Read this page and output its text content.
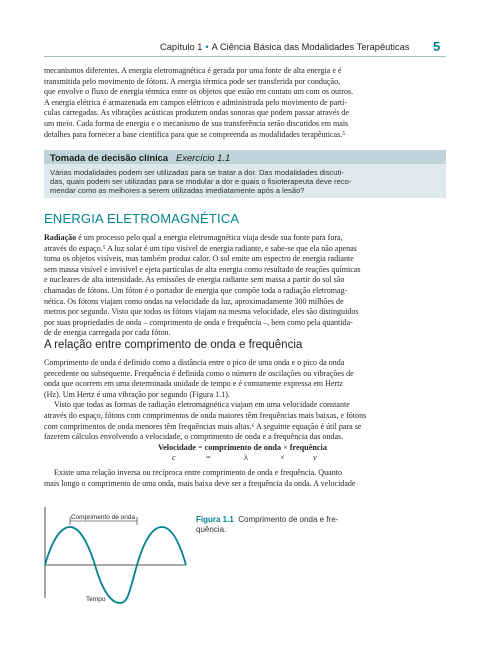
Capítulo 1 • A Ciência Básica das Modalidades Terapêuticas 5
mecanismos diferentes. A energia eletromagnética é gerada por uma fonte de alta energia e é
transmitida pelo movimento de fótons. A energia térmica pode ser transferida por condução,
que envolve o fluxo de energia térmica entre os objetos que estão em contato um com os outros.
A energia elétrica é armazenada em campos elétricos e administrada pelo movimento de partí-
culas carregadas. As vibrações acústicas produzem ondas sonoras que podem passar através de
um meio. Cada forma de energia e o mecanismo de sua transferência serão discutidos em mais
detalhes para fornecer a base científica para que se compreenda as modalidades terapêuticas.⁵
Tomada de decisão clínica Exercício 1.1
Várias modalidades podem ser utilizadas para se tratar a dor. Das modalidades discuti-
das, quais podem ser utilizadas para se modular a dor e quais o fisioterapeuta deve reco-
mendar como as melhores a serem utilizadas imediatamente após a lesão?
ENERGIA ELETROMAGNÉTICA
Radiação é um processo pelo qual a energia eletromagnética viaja desde sua fonte para fora,
através do espaço.⁵ A luz solar é um tipo visível de energia radiante, e sabe-se que ela não apenas
torna os objetos visíveis, mas também produz calor. O sol emite um espectro de energia radiante
sem massa visível e invisível e ejeta partículas de alta energia como resultado de reações químicas
e nucleares de alta intensidade. As emissões de energia radiante sem massa a partir do sol são
chamadas de fótons. Um fóton é o portador de energia que compõe toda a radiação eletromag-
nética. Os fótons viajam como ondas na velocidade da luz, aproximadamente 300 milhões de
metros por segundo. Visto que todos os fótons viajam na mesma velocidade, eles são distinguidos
por suas propriedades de onda – comprimento de onda e frequência –, bem como pela quantida-
de de energia carregada por cada fóton.
A relação entre comprimento de onda e frequência
Comprimento de onda é definido como a distância entre o pico de uma onda e o pico da onda
precedente ou subsequente. Frequência é definida como o número de oscilações ou vibrações de
onda que ocorrem em uma determinada unidade de tempo e é comumente expressa em Hertz
(Hz). Um Hertz é uma vibração por segundo (Figura 1.1).
Visto que todas as formas de radiação eletromagnética viajam em uma velocidade constante
através do espaço, fótons com comprimentos de onda maiores têm frequências mais baixas, e fótons
com comprimentos de onda menores têm frequências mais altas.⁶ A seguinte equação é útil para se
fazerem cálculos envolvendo a velocidade, o comprimento de onda e a frequência das ondas.
Velocidade = comprimento de onda × frequência
c	=	λ	×	v
Existe uma relação inversa ou recíproca entre comprimento de onda e frequência. Quanto
mais longo o comprimento de uma onda, mais baixa deve ser a frequência da onda. A velocidade
Comprimento de onda
Tempo
Figura 1.1 Comprimento de onda e fre-
quência.
